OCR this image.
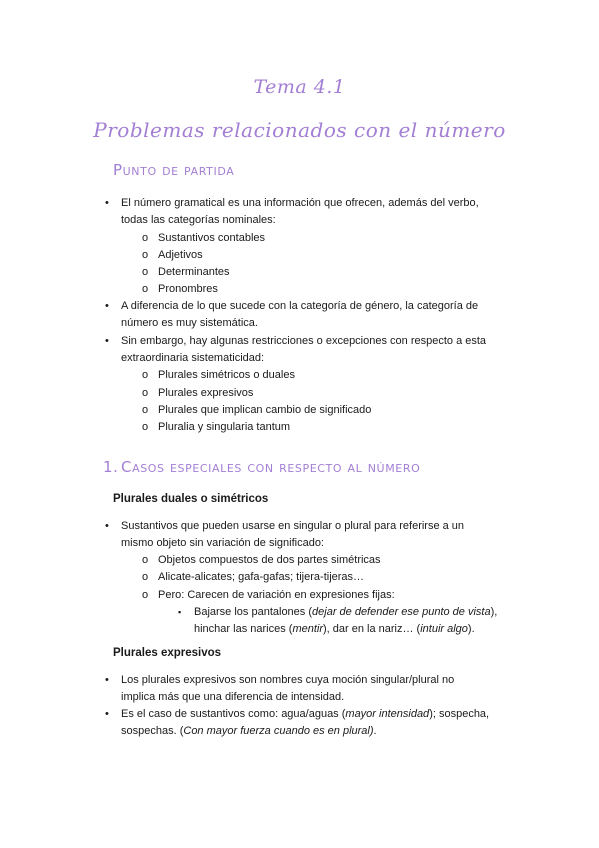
Tema 4.1
Problemas relacionados con el número
Punto de partida
• El número gramatical es una información que ofrecen, además del verbo,
todas las categorías nominales:
o Sustantivos contables
o Adjetivos
o Determinantes
o Pronombres
• A diferencia de lo que sucede con la categoría de género, la categoría de
número es muy sistemática.
• Sin embargo, hay algunas restricciones o excepciones con respecto a esta
extraordinaria sistematicidad:
o Plurales simétricos o duales
o Plurales expresivos
o Plurales que implican cambio de significado
o Pluralia y singularia tantum
1. Casos especiales con respecto al número
Plurales duales o simétricos
• Sustantivos que pueden usarse en singular o plural para referirse a un
mismo objeto sin variación de significado:
o Objetos compuestos de dos partes simétricas
o Alicate-alicates; gafa-gafas; tijera-tijeras…
o Pero: Carecen de variación en expresiones fijas:
▪ Bajarse los pantalones (dejar de defender ese punto de vista),
hinchar las narices (mentir), dar en la nariz… (intuir algo).
Plurales expresivos
• Los plurales expresivos son nombres cuya moción singular/plural no
implica más que una diferencia de intensidad.
• Es el caso de sustantivos como: agua/aguas (mayor intensidad); sospecha,
sospechas. (Con mayor fuerza cuando es en plural).
